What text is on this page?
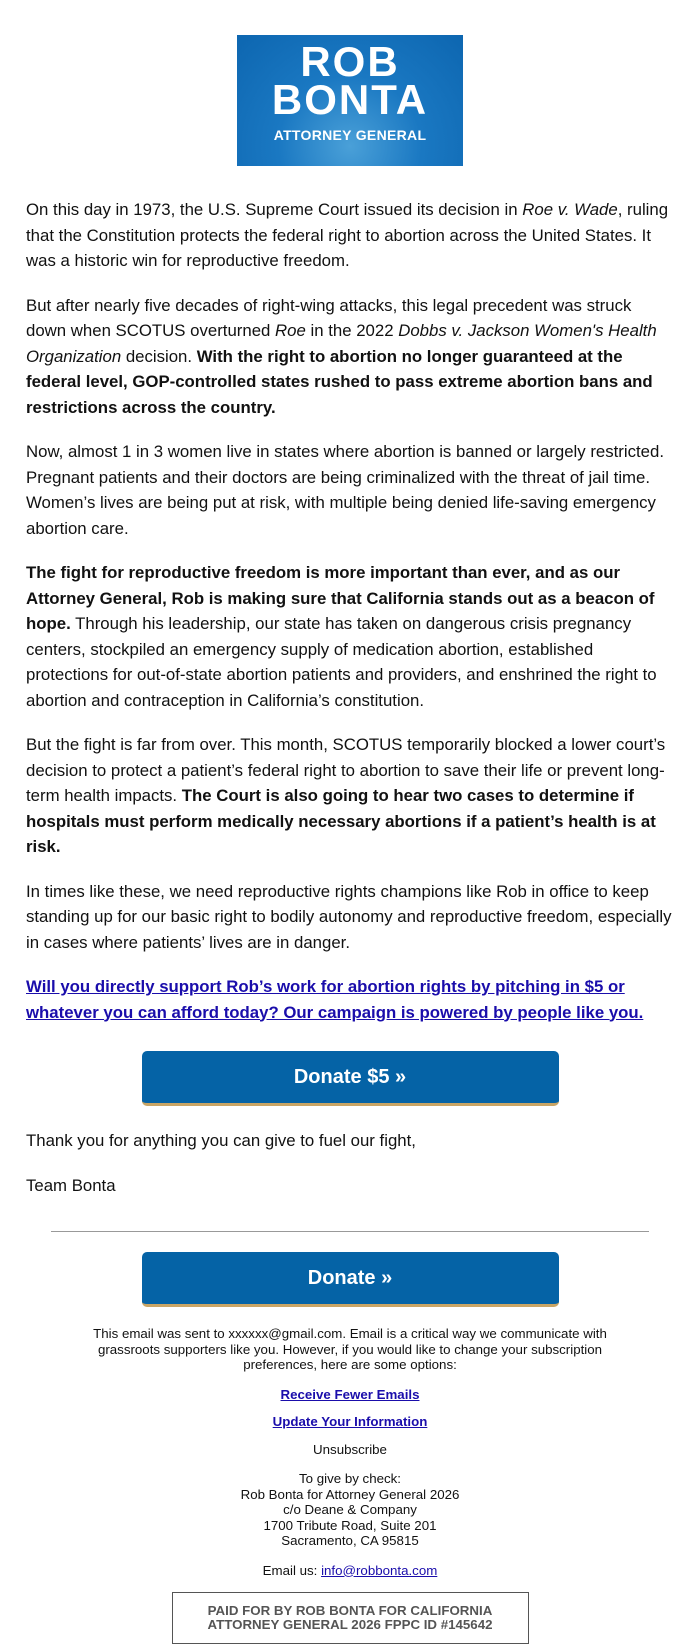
ROB
BONTA
ATTORNEY GENERAL

On this day in 1973, the U.S. Supreme Court issued its decision in Roe v. Wade, ruling that the Constitution protects the federal right to abortion across the United States. It was a historic win for reproductive freedom.

But after nearly five decades of right-wing attacks, this legal precedent was struck down when SCOTUS overturned Roe in the 2022 Dobbs v. Jackson Women's Health Organization decision. With the right to abortion no longer guaranteed at the federal level, GOP-controlled states rushed to pass extreme abortion bans and restrictions across the country.

Now, almost 1 in 3 women live in states where abortion is banned or largely restricted. Pregnant patients and their doctors are being criminalized with the threat of jail time. Women’s lives are being put at risk, with multiple being denied life-saving emergency abortion care.

The fight for reproductive freedom is more important than ever, and as our Attorney General, Rob is making sure that California stands out as a beacon of hope. Through his leadership, our state has taken on dangerous crisis pregnancy centers, stockpiled an emergency supply of medication abortion, established protections for out-of-state abortion patients and providers, and enshrined the right to abortion and contraception in California’s constitution.

But the fight is far from over. This month, SCOTUS temporarily blocked a lower court’s decision to protect a patient’s federal right to abortion to save their life or prevent long-term health impacts. The Court is also going to hear two cases to determine if hospitals must perform medically necessary abortions if a patient’s health is at risk.

In times like these, we need reproductive rights champions like Rob in office to keep standing up for our basic right to bodily autonomy and reproductive freedom, especially in cases where patients’ lives are in danger.

Will you directly support Rob’s work for abortion rights by pitching in $5 or whatever you can afford today? Our campaign is powered by people like you.

Donate $5 »

Thank you for anything you can give to fuel our fight,

Team Bonta

Donate »
This email was sent to xxxxxx@gmail.com. Email is a critical way we communicate with grassroots supporters like you. However, if you would like to change your subscription preferences, here are some options:
Receive Fewer Emails
Update Your Information
Unsubscribe
To give by check:
Rob Bonta for Attorney General 2026
c/o Deane & Company
1700 Tribute Road, Suite 201
Sacramento, CA 95815
Email us: info@robbonta.com
PAID FOR BY ROB BONTA FOR CALIFORNIA
ATTORNEY GENERAL 2026 FPPC ID #145642
